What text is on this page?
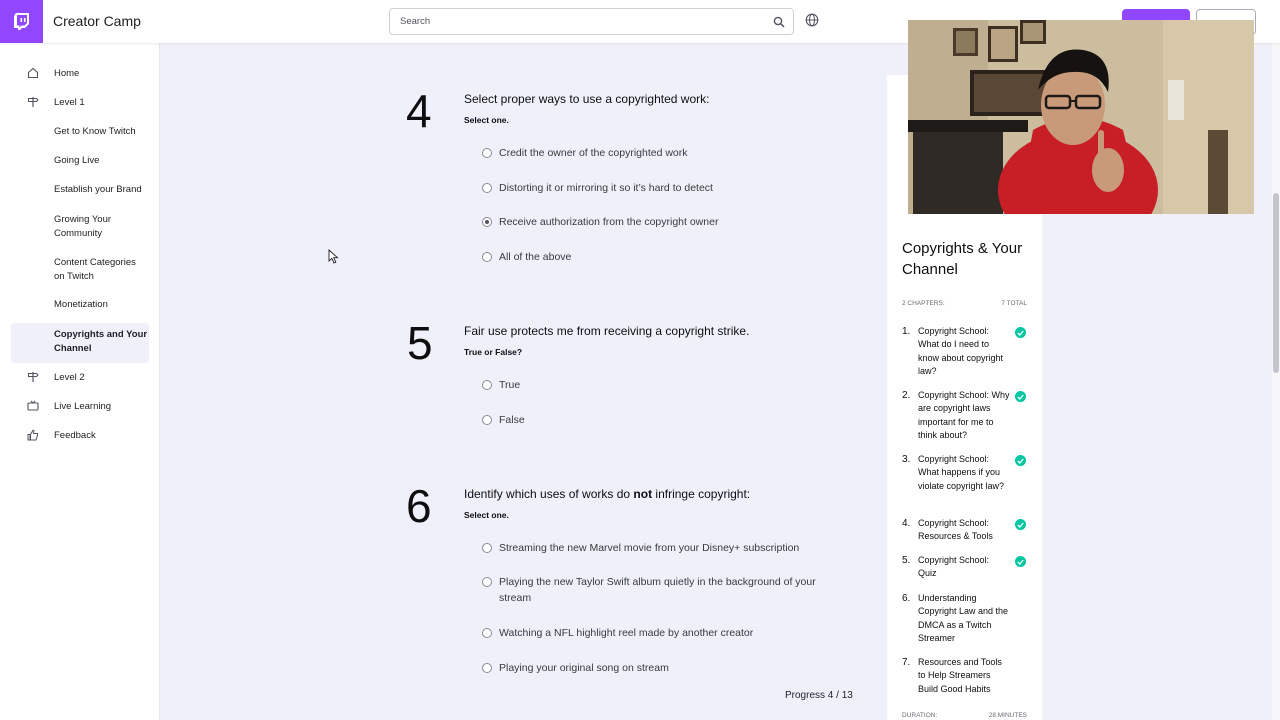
Creator Camp
Search
Home
Level 1
Get to Know Twitch
Going Live
Establish your Brand
Growing Your Community
Content Categories on Twitch
Monetization
Copyrights and Your Channel
Level 2
Live Learning
Feedback
4	Select proper ways to use a copyrighted work:
Select one.
Credit the owner of the copyrighted work
Distorting it or mirroring it so it’s hard to detect
Receive authorization from the copyright owner
All of the above
5	Fair use protects me from receiving a copyright strike.
True or False?
True
False
6	Identify which uses of works do not infringe copyright:
Select one.
Streaming the new Marvel movie from your Disney+ subscription
Playing the new Taylor Swift album quietly in the background of your stream
Watching a NFL highlight reel made by another creator
Playing your original song on stream
Progress 4 / 13
Copyrights & Your Channel
2 CHAPTERS:	7 TOTAL
1. Copyright School: What do I need to know about copyright law?
2. Copyright School: Why are copyright laws important for me to think about?
3. Copyright School: What happens if you violate copyright law?
4. Copyright School: Resources & Tools
5. Copyright School: Quiz
6. Understanding Copyright Law and the DMCA as a Twitch Streamer
7. Resources and Tools to Help Streamers Build Good Habits
DURATION:	28 MINUTES
